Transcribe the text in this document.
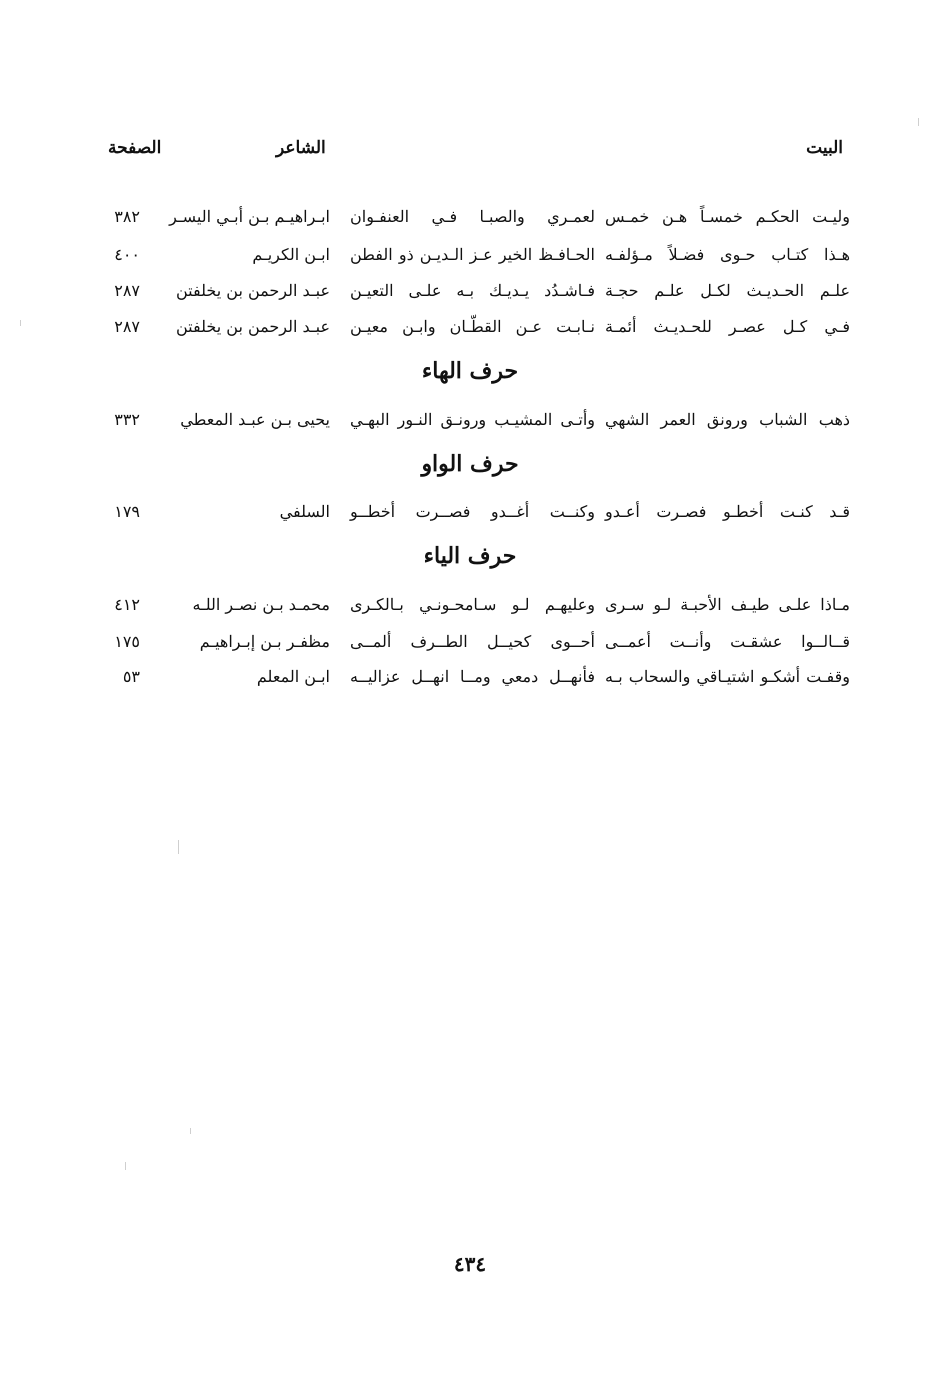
البيت
الشاعر
الصفحة
وليـت الحكـم خمسـاً هـن خمـس
لعمـري والصبـا فـي العنفـوان
ابـراهيـم بـن أبـي اليسـر
٣٨٢
هـذا كتـاب حـوى فضـلاً مـؤلفـه
الحـافـظ الخير عـز الـديـن ذو الفطن
ابـن الكريـم
٤٠٠
علـم الحـديـث لكـل علـم حجـة
فـاشـدُد يـديـك بـه علـى التعيـن
عبـد الرحمن بن يخلفتن
٢٨٧
فـي كـل عصـر للحـديـث أئمـة
نـابـت عـن القطّـان وابـن معيـن
عبـد الرحمن بن يخلفتن
٢٨٧
حرف الهاء
ذهب الشباب ورونق العمر الشهي
وأتـى المشيـب ورونـق النـور البهـي
يحيى بـن عبـد المعطي
٣٣٢
حرف الواو
قـد كنـت أخطـو فصـرت أعـدو
وكنــت أغــدو فصــرت أخطــو
السلفي
١٧٩
حرف الياء
مـاذا علـى طيـف الأحبـة لـو سـرى
وعليهـم لـو سـامحـونـي بـالكـرى
محمـد بـن نصـر اللـه
٤١٢
قــالــوا عشقـت وأنــت أعمــى
أحــوى كحيــل الطــرف ألمــى
مظفـر بـن إبـراهيـم
١٧٥
وقفـت أشكـو اشتيـاقي والسحاب بـه
فأنهــل دمعي ومــا انهــل عزاليــه
ابـن المعلم
٥٣
٤٣٤
